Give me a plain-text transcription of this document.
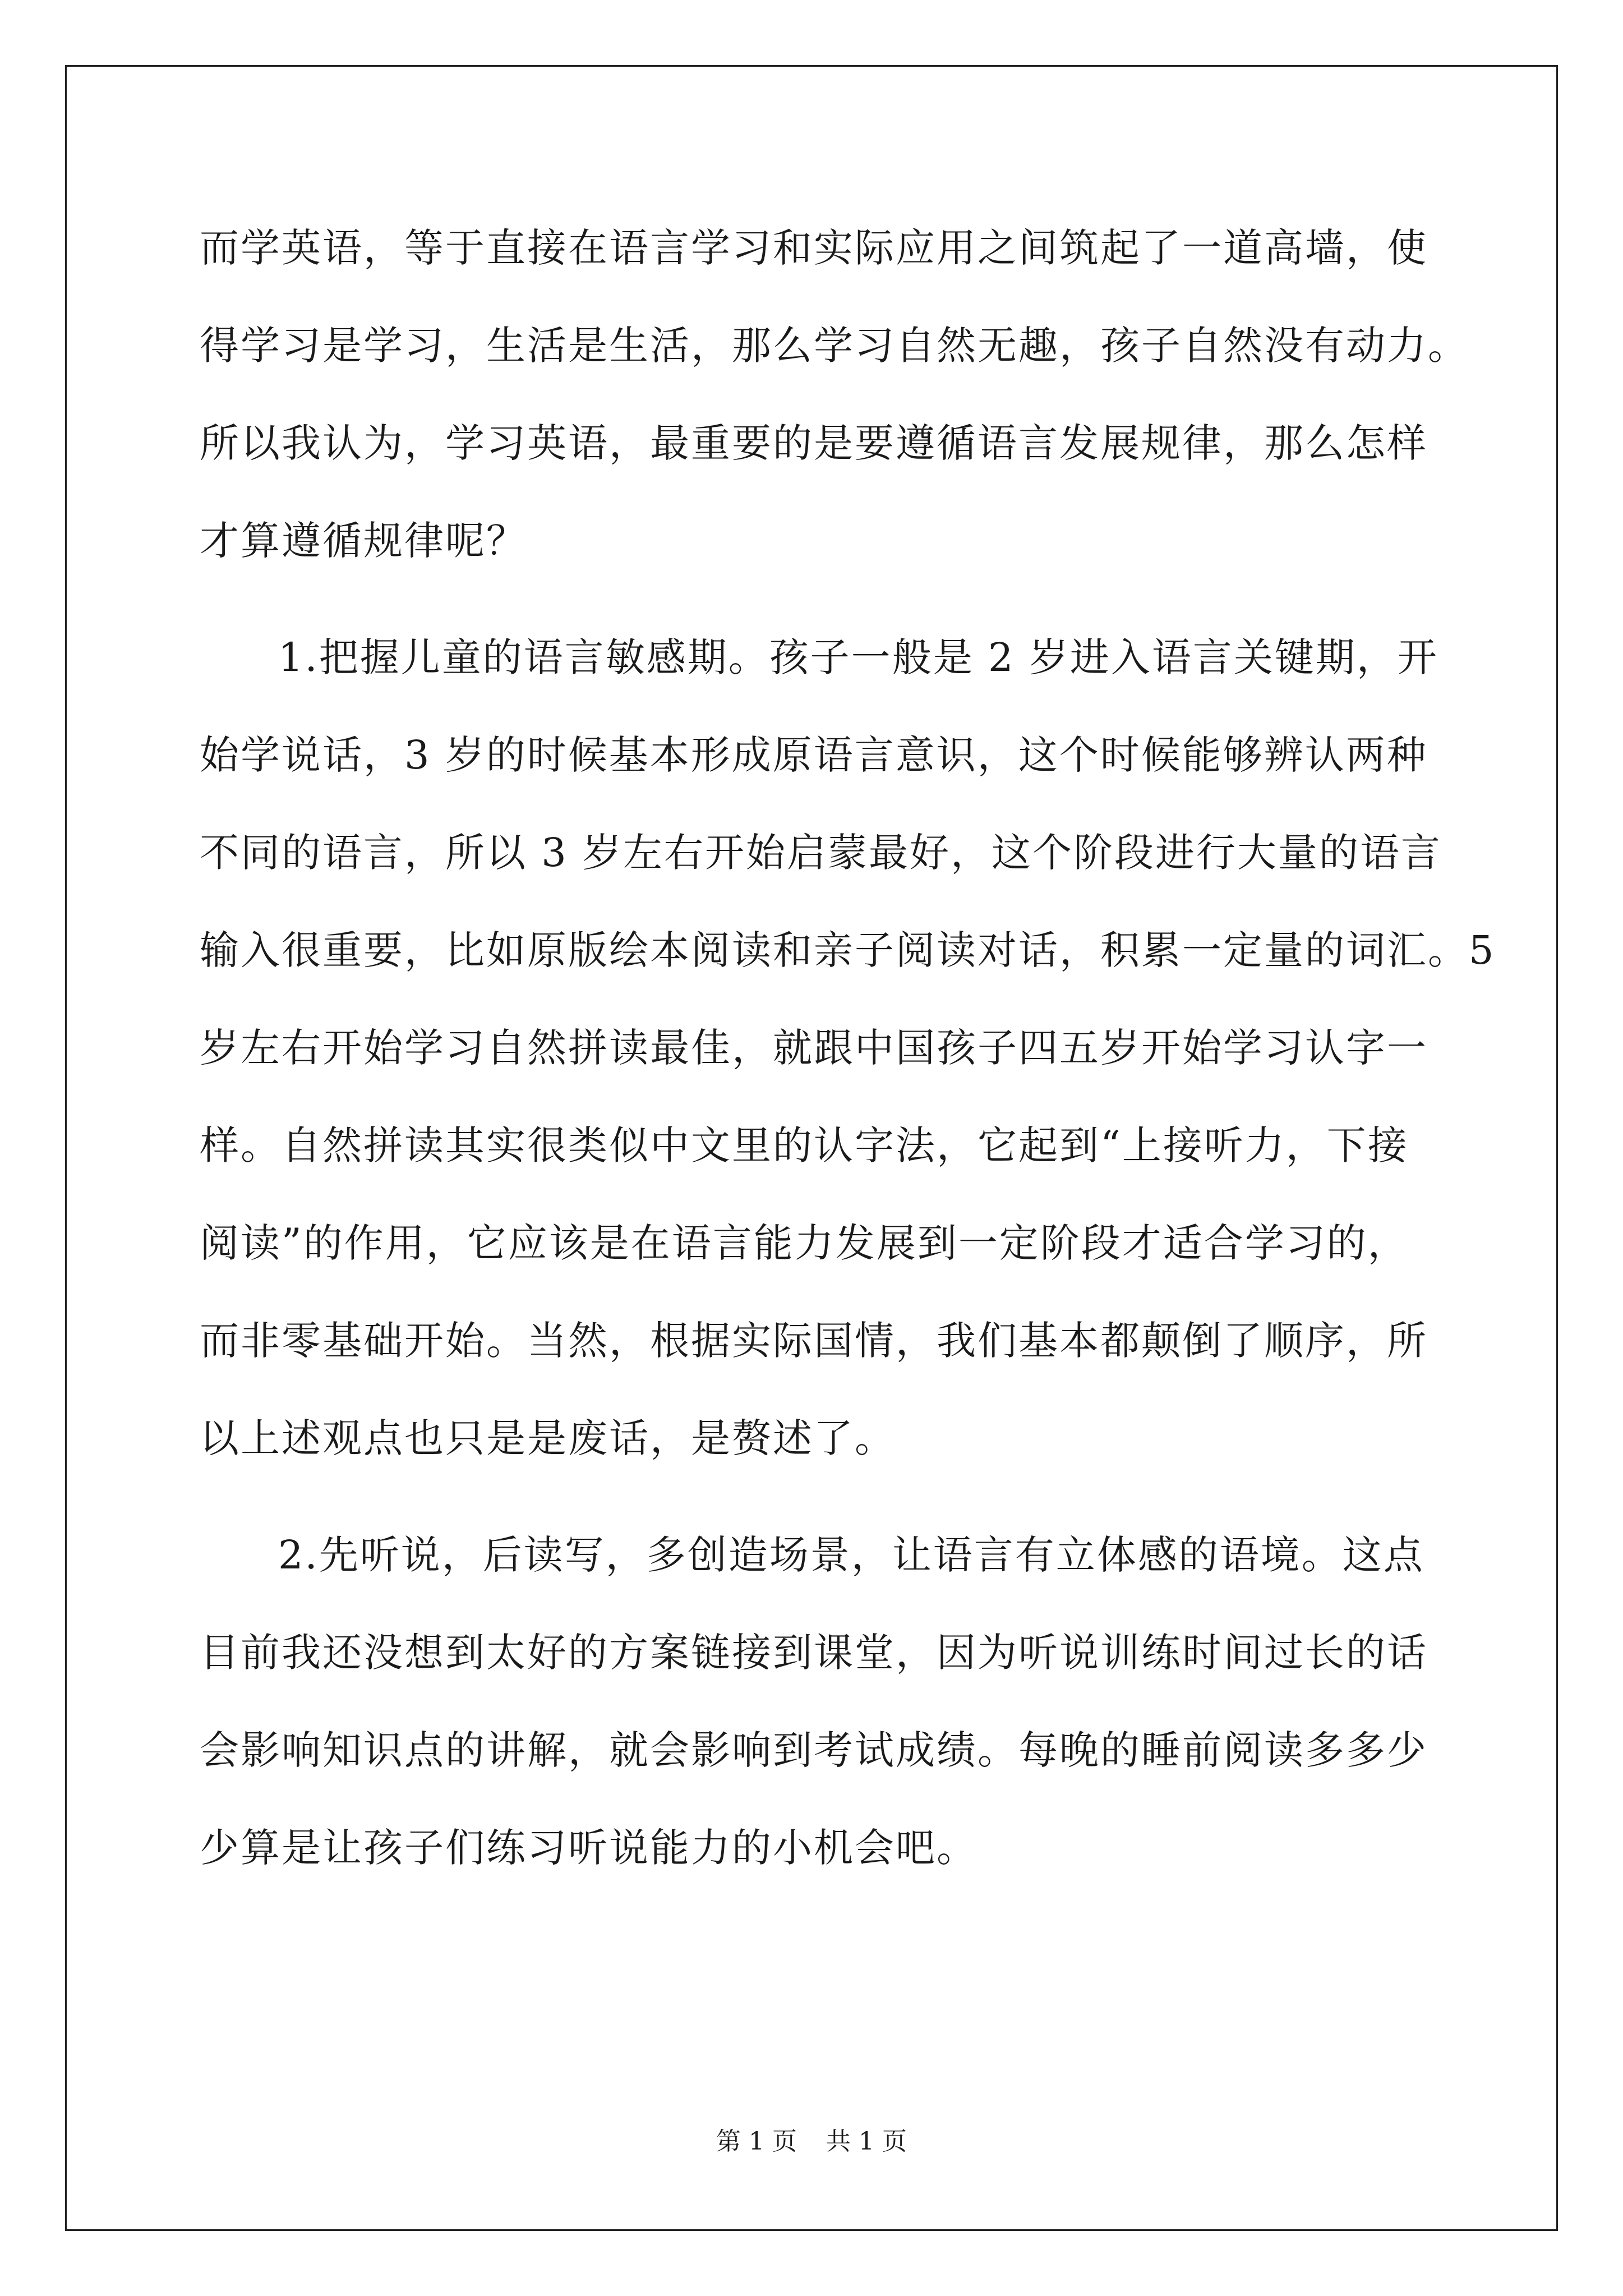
而学英语，等于直接在语言学习和实际应用之间筑起了一道高墙，使
得学习是学习，生活是生活，那么学习自然无趣，孩子自然没有动力。
所以我认为，学习英语，最重要的是要遵循语言发展规律，那么怎样
才算遵循规律呢？
1.把握儿童的语言敏感期。孩子一般是 2 岁进入语言关键期，开
始学说话，3 岁的时候基本形成原语言意识，这个时候能够辨认两种
不同的语言，所以 3 岁左右开始启蒙最好，这个阶段进行大量的语言
输入很重要，比如原版绘本阅读和亲子阅读对话，积累一定量的词汇。5
岁左右开始学习自然拼读最佳，就跟中国孩子四五岁开始学习认字一
样。自然拼读其实很类似中文里的认字法，它起到“上接听力，下接
阅读”的作用，它应该是在语言能力发展到一定阶段才适合学习的，
而非零基础开始。当然，根据实际国情，我们基本都颠倒了顺序，所
以上述观点也只是是废话，是赘述了。
2.先听说，后读写，多创造场景，让语言有立体感的语境。这点
目前我还没想到太好的方案链接到课堂，因为听说训练时间过长的话
会影响知识点的讲解，就会影响到考试成绩。每晚的睡前阅读多多少
少算是让孩子们练习听说能力的小机会吧。
第 1 页 共 1 页
